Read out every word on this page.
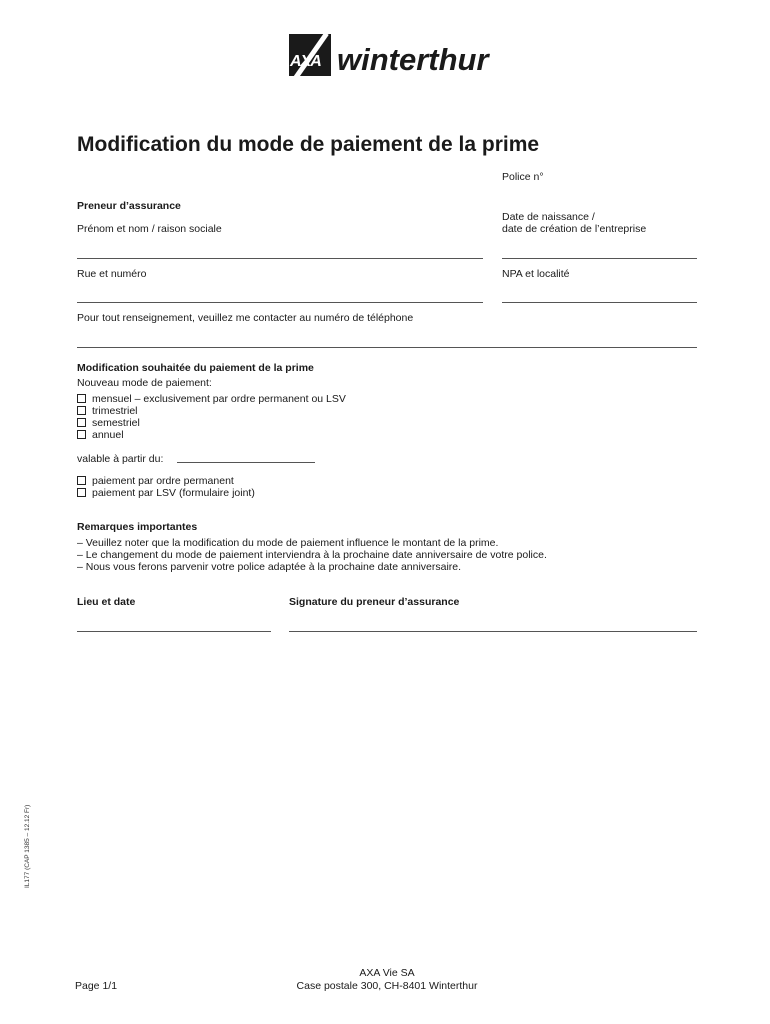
AXA winterthur
Modification du mode de paiement de la prime
Police n°
Preneur d’assurance
Prénom et nom / raison sociale
Date de naissance /
date de création de l’entreprise
Rue et numéro	NPA et localité
Pour tout renseignement, veuillez me contacter au numéro de téléphone
Modification souhaitée du paiement de la prime
Nouveau mode de paiement:
mensuel – exclusivement par ordre permanent ou LSV
trimestriel
semestriel
annuel
valable à partir du:
paiement par ordre permanent
paiement par LSV (formulaire joint)
Remarques importantes
– Veuillez noter que la modification du mode de paiement influence le montant de la prime.
– Le changement du mode de paiement interviendra à la prochaine date anniversaire de votre police.
– Nous vous ferons parvenir votre police adaptée à la prochaine date anniversaire.
Lieu et date	Signature du preneur d’assurance
IL177 (CAP 1385 – 12.12 Fr)
Page 1/1
AXA Vie SA
Case postale 300, CH-8401 Winterthur
